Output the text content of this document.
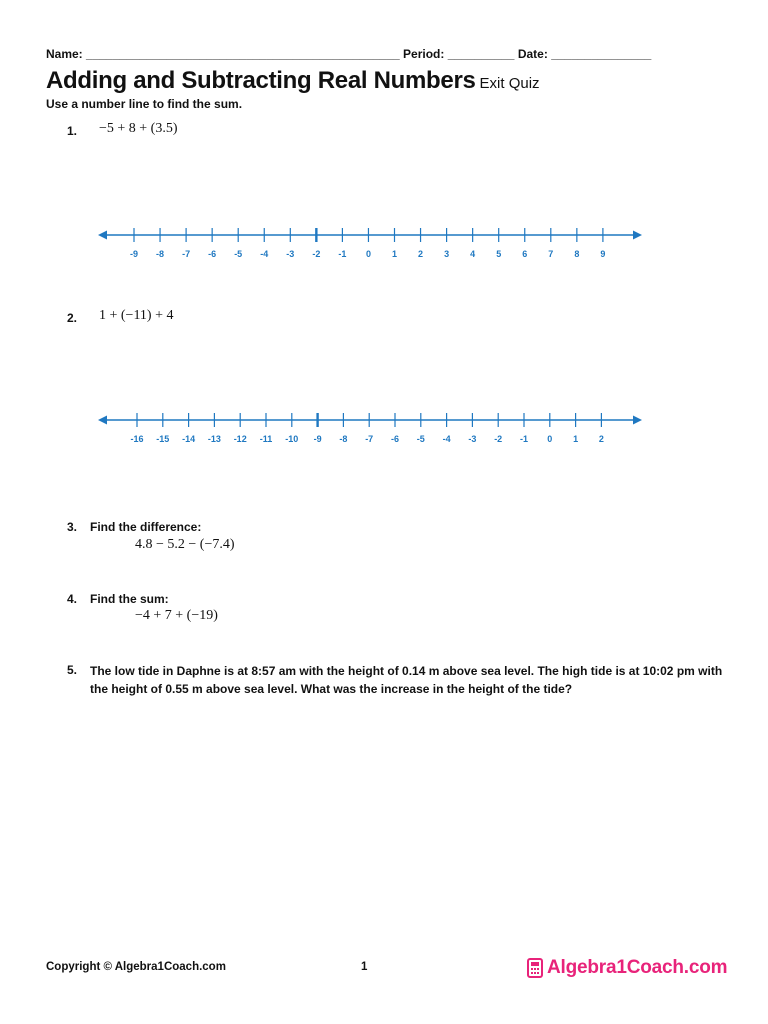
Name: _______________________________________________ Period: __________ Date: _______________
Adding and Subtracting Real Numbers Exit Quiz
Use a number line to find the sum.
1. −5 + 8 + (3.5)
-9 -8 -7 -6 -5 -4 -3 -2 -1 0 1 2 3 4 5 6 7 8 9
-16 -15 -14 -13 -12 -11 -10 -9 -8 -7 -6 -5 -4 -3 -2 -1 0 1 2
2. 1 + (−11) + 4
3. Find the difference:
4.8 − 5.2 − (−7.4)
4. Find the sum:
−4 + 7 + (−19)
5. The low tide in Daphne is at 8:57 am with the height of 0.14 m above sea level. The high tide is at 10:02 pm with the height of 0.55 m above sea level. What was the increase in the height of the tide?
Copyright © Algebra1Coach.com	1	Algebra1Coach.com
